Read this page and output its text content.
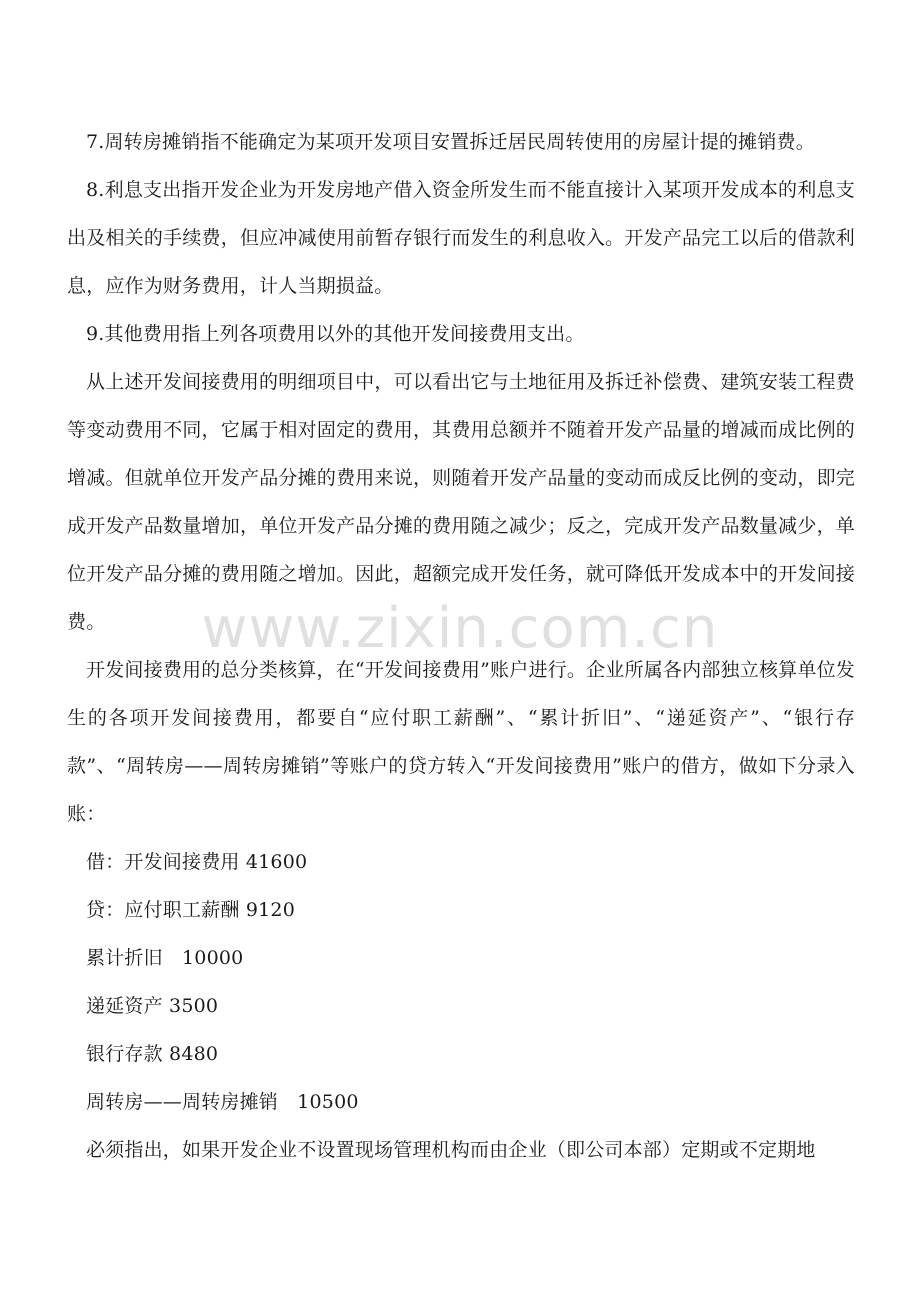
7.周转房摊销指不能确定为某项开发项目安置拆迁居民周转使用的房屋计提的摊销费。

8.利息支出指开发企业为开发房地产借入资金所发生而不能直接计入某项开发成本的利息支出及相关的手续费，但应冲减使用前暂存银行而发生的利息收入。开发产品完工以后的借款利息，应作为财务费用，计人当期损益。

9.其他费用指上列各项费用以外的其他开发间接费用支出。

从上述开发间接费用的明细项目中，可以看出它与土地征用及拆迁补偿费、建筑安装工程费等变动费用不同，它属于相对固定的费用，其费用总额并不随着开发产品量的增减而成比例的增减。但就单位开发产品分摊的费用来说，则随着开发产品量的变动而成反比例的变动，即完成开发产品数量增加，单位开发产品分摊的费用随之减少；反之，完成开发产品数量减少，单位开发产品分摊的费用随之增加。因此，超额完成开发任务，就可降低开发成本中的开发间接费。

开发间接费用的总分类核算，在“开发间接费用”账户进行。企业所属各内部独立核算单位发生的各项开发间接费用，都要自“应付职工薪酬”、“累计折旧”、“递延资产”、“银行存款”、“周转房——周转房摊销”等账户的贷方转入“开发间接费用”账户的借方，做如下分录入账：

借：开发间接费用 41600
贷：应付职工薪酬 9120
累计折旧　10000
递延资产 3500
银行存款 8480
周转房——周转房摊销　10500

必须指出，如果开发企业不设置现场管理机构而由企业（即公司本部）定期或不定期地

www.zixin.com.cn
